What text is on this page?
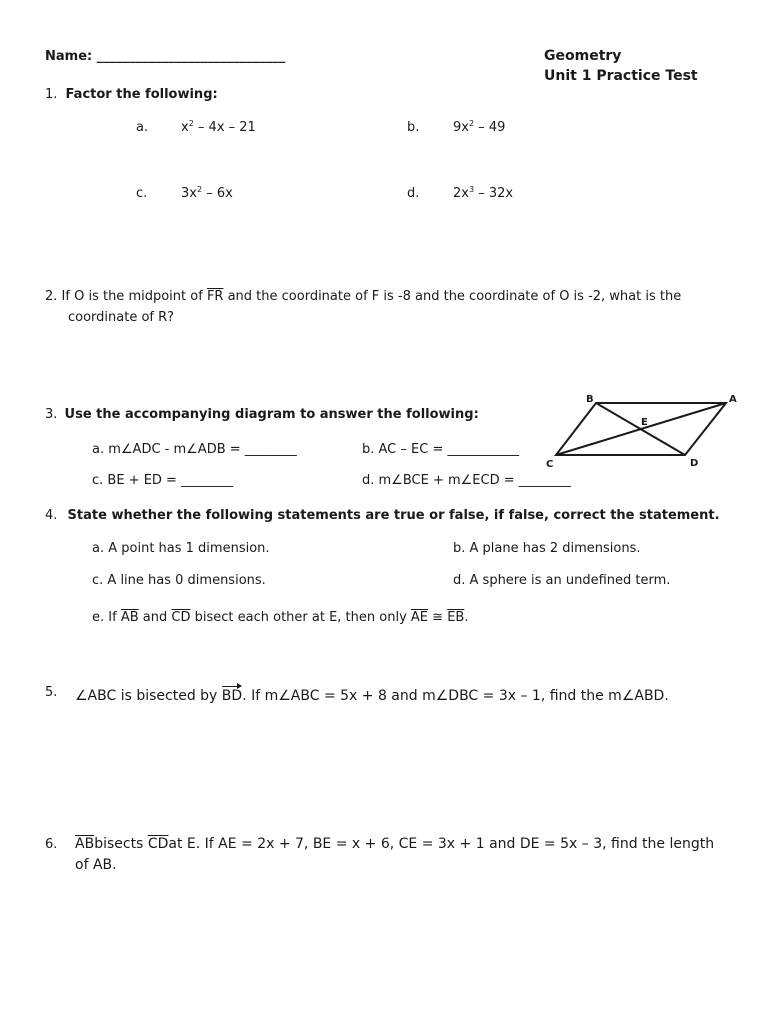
Name: _____________________________	Geometry
Unit 1 Practice Test
1. Factor the following:
a.	$x^2 - 4x - 21$	b.	$9x^2 - 49$
c.	$3x^2 - 6x$	d.	$2x^3 - 32x$
2. If O is the midpoint of $\overline{FR}$ and the coordinate of F is -8 and the coordinate of O is -2, what is the
coordinate of R?
3. Use the accompanying diagram to answer the following:
a. m∠ADC - m∠ADB = ________	b. AC – EC = ___________
c. BE + ED = ________	d. m∠BCE + m∠ECD = ________
B	A
C	D
E
4. State whether the following statements are true or false, if false, correct the statement.
a. A point has 1 dimension.	b. A plane has 2 dimensions.
c. A line has 0 dimensions.	d. A sphere is an undefined term.
e. If $\overline{AB}$ and $\overline{CD}$ bisect each other at E, then only $\overline{AE}$ ≅ $\overline{EB}$.
5. ∠ABC is bisected by BD. If m∠ABC = 5x + 8 and m∠DBC = 3x – 1, find the m∠ABD.
6. $\overline{AB}bisects$ $\overline{CD}at$ E. If AE = 2x + 7, BE = x + 6, CE = 3x + 1 and DE = 5x – 3, find the length
of AB.
